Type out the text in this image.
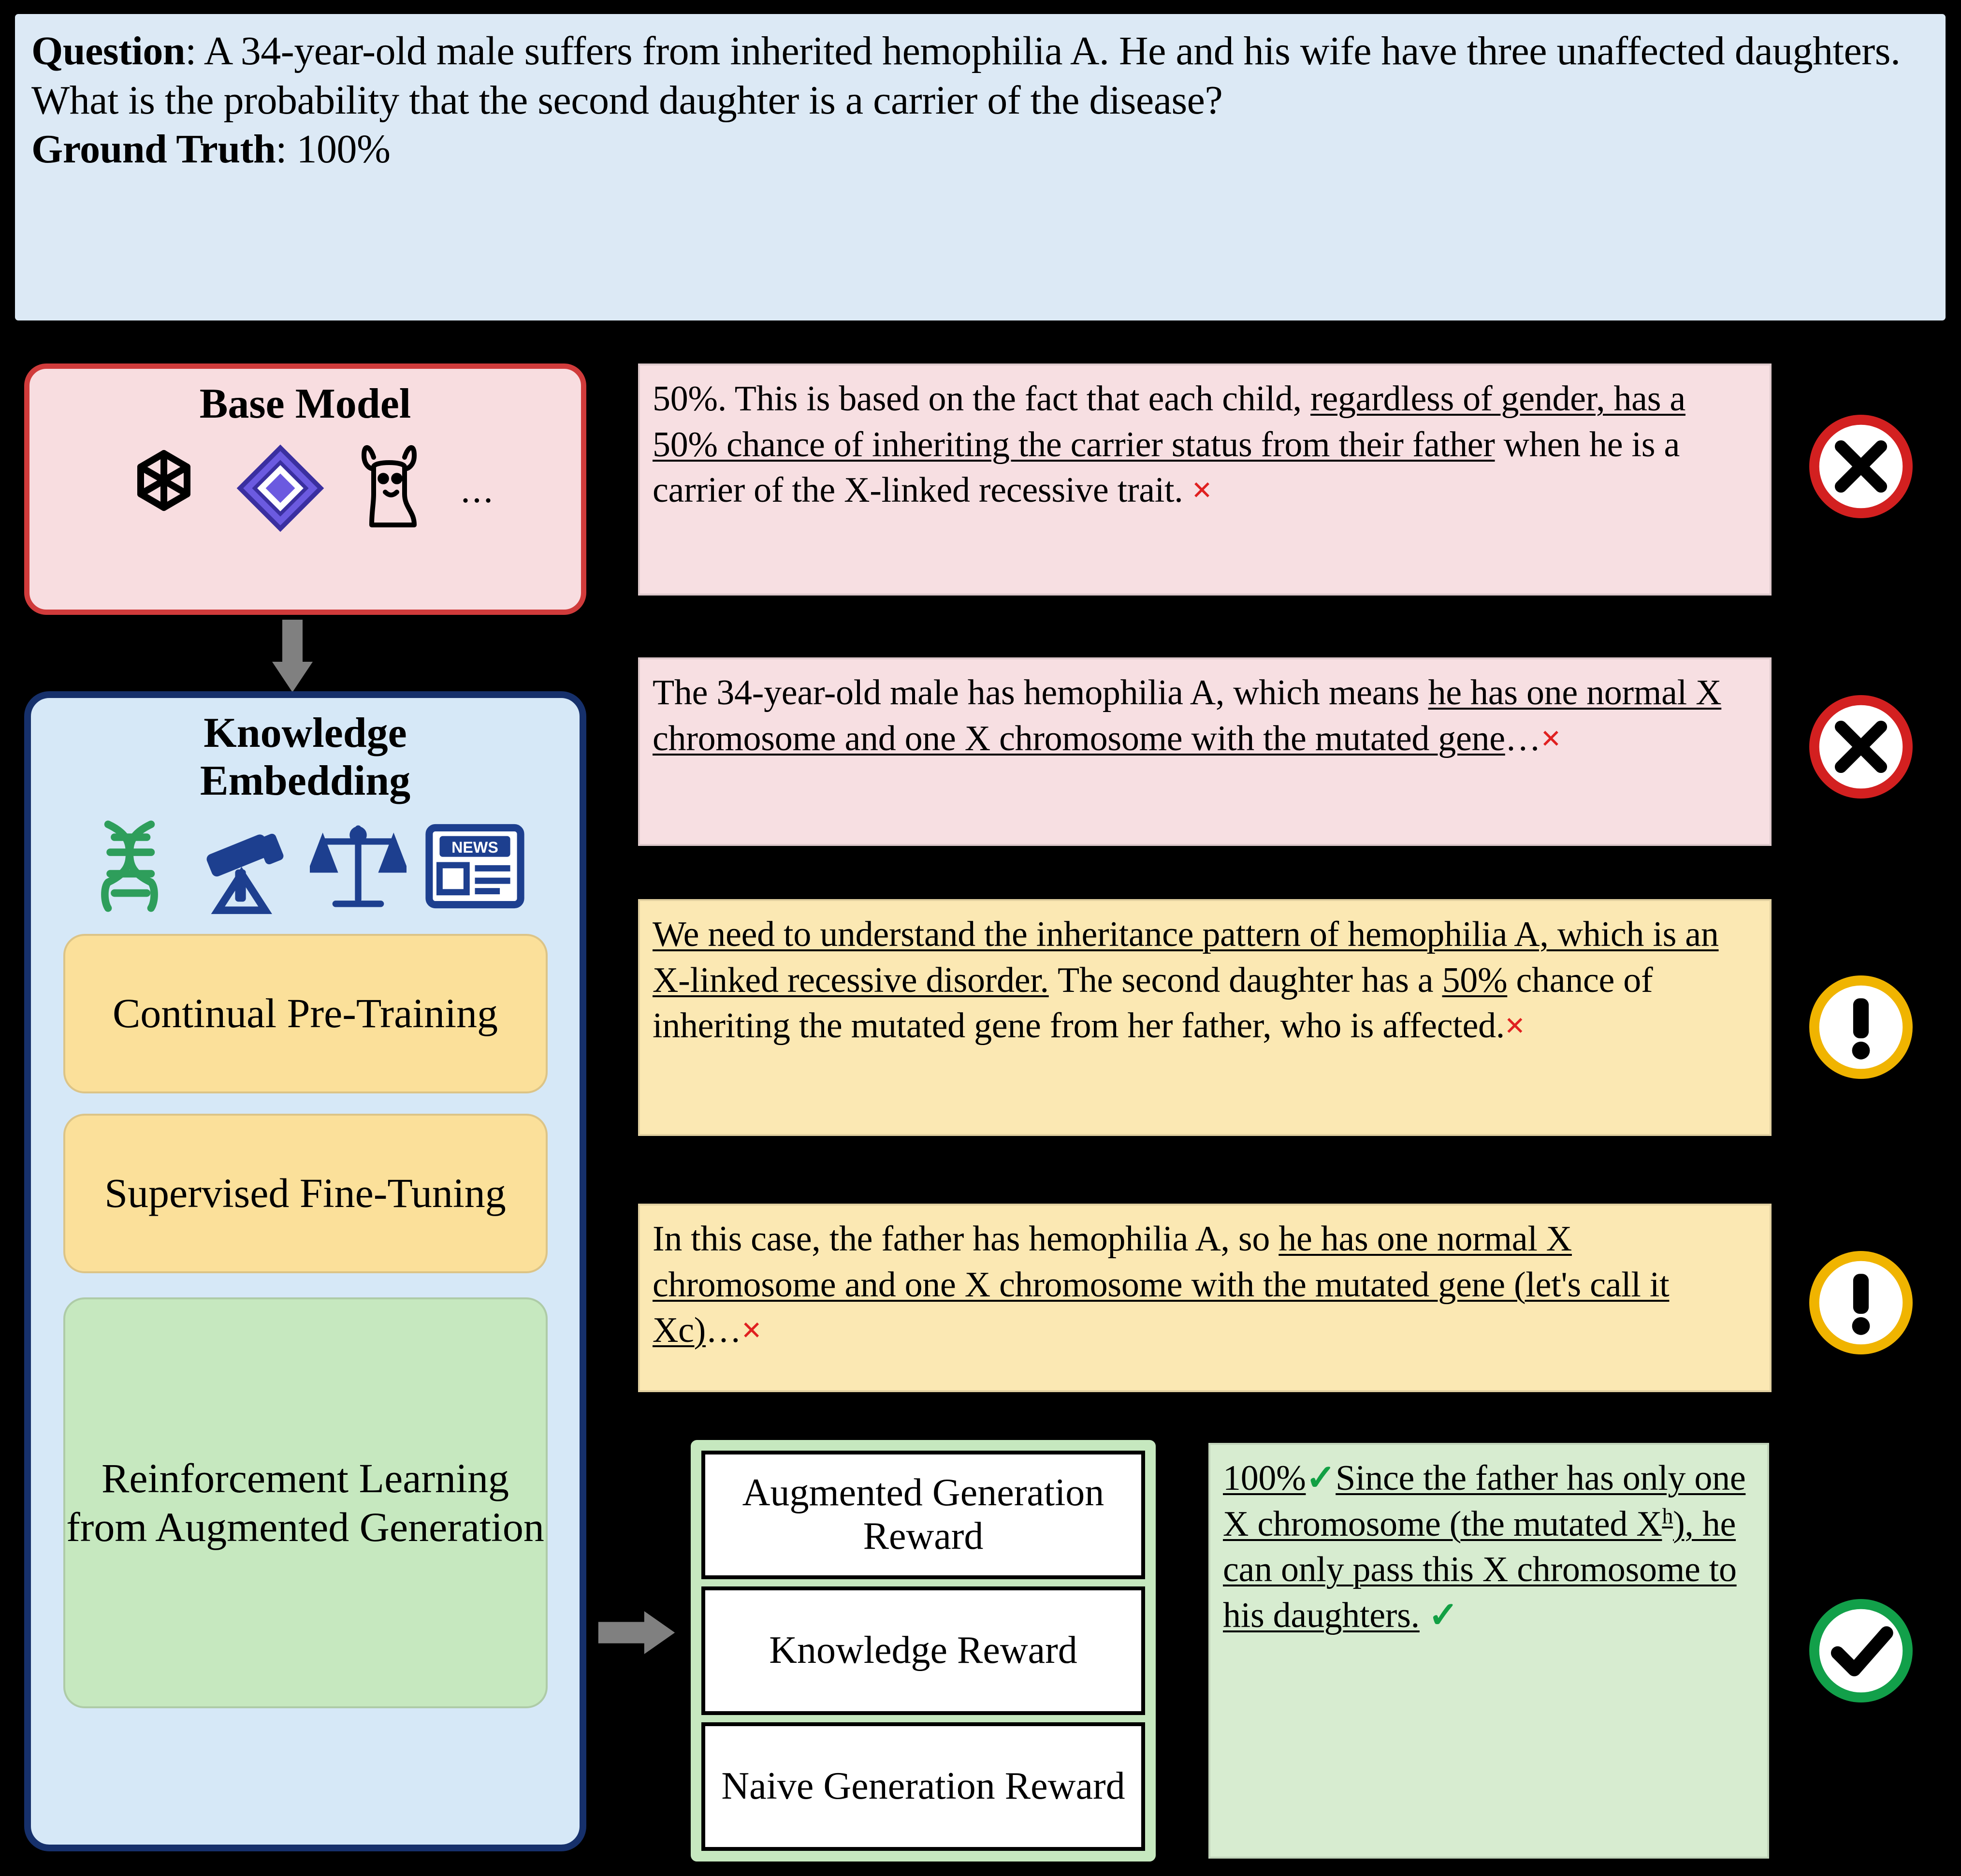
Question: A 34-year-old male suffers from inherited hemophilia A. He and his wife have three unaffected daughters. What is the probability that the second daughter is a carrier of the disease?
Ground Truth: 100%
Base Model
...
Knowledge
Embedding
NEWS
Continual Pre-Training
Supervised Fine-Tuning
Reinforcement Learning from Augmented Generation
Augmented Generation Reward
Knowledge Reward
Naive Generation Reward
50%. This is based on the fact that each child, regardless of gender, has a 50% chance of inheriting the carrier status from their father when he is a carrier of the X-linked recessive trait. ×
The 34-year-old male has hemophilia A, which means he has one normal X chromosome and one X chromosome with the mutated gene…×
We need to understand the inheritance pattern of hemophilia A, which is an X-linked recessive disorder. The second daughter has a 50% chance of inheriting the mutated gene from her father, who is affected.×
In this case, the father has hemophilia A, so he has one normal X chromosome and one X chromosome with the mutated gene (let's call it Xc)…×
100%✓Since the father has only one X chromosome (the mutated $X^h$), he can only pass this X chromosome to his daughters. ✓
